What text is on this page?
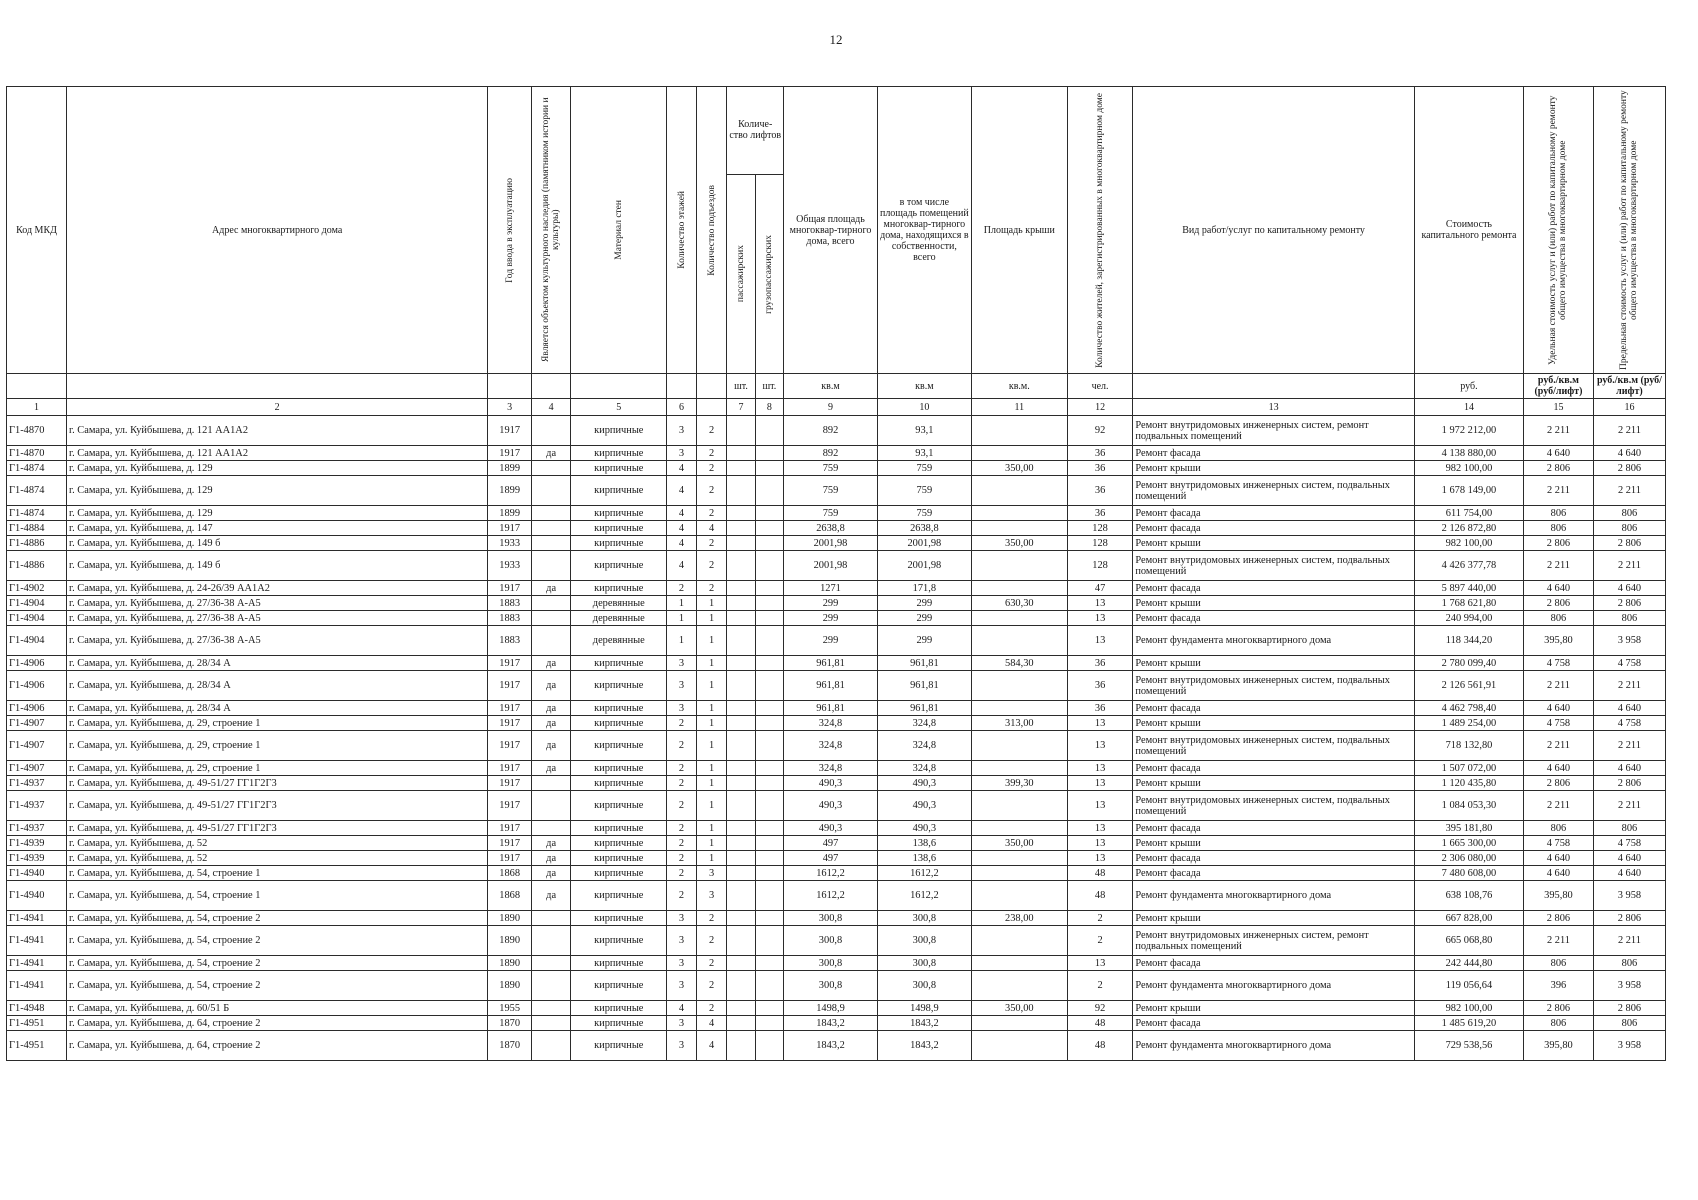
12
Код МКД	Адрес многоквартирного дома	Год ввода в эксплуатацию	Является объектом культурного наследия (памятником истории и культуры)	Материал стен	Количество этажей	Количество подъездов	Количе-ство лифтов		Общая площадь многоквар-тирного дома, всего	в том числе площадь помещений многоквар-тирного дома, находящихся в собственности, всего	Площадь крыши	Количество жителей, зарегистрированных в многоквартирном доме	Вид работ/услуг по капитальному ремонту	Стоимость капитального ремонта	Удельная стоимость услуг и (или) работ по капитальному ремонту общего имущества в многоквартирном доме	Предельная стоимость услуг и (или) работ по капитальному ремонту общего имущества в многоквартирном доме

							пассажирских	грузопассажирских								

							шт.	шт.	кв.м	кв.м	кв.м.	чел.		руб.	руб./кв.м (руб/лифт)	руб./кв.м (руб/лифт)
1	2	3	4	5	6		7	8	9	10	11	12	13	14	15	16
Г1-4870	г. Самара, ул. Куйбышева, д. 121 АА1А2	1917		кирпичные	3	2			892	93,1		92	Ремонт внутридомовых инженерных систем, ремонт подвальных помещений	1 972 212,00	2 211	2 211
Г1-4870	г. Самара, ул. Куйбышева, д. 121 АА1А2	1917	да	кирпичные	3	2			892	93,1		36	Ремонт фасада	4 138 880,00	4 640	4 640
Г1-4874	г. Самара, ул. Куйбышева, д. 129	1899		кирпичные	4	2			759	759	350,00	36	Ремонт крыши	982 100,00	2 806	2 806
Г1-4874	г. Самара, ул. Куйбышева, д. 129	1899		кирпичные	4	2			759	759		36	Ремонт внутридомовых инженерных систем, подвальных помещений	1 678 149,00	2 211	2 211
Г1-4874	г. Самара, ул. Куйбышева, д. 129	1899		кирпичные	4	2			759	759		36	Ремонт фасада	611 754,00	806	806
Г1-4884	г. Самара, ул. Куйбышева, д. 147	1917		кирпичные	4	4			2638,8	2638,8		128	Ремонт фасада	2 126 872,80	806	806
Г1-4886	г. Самара, ул. Куйбышева, д. 149 б	1933		кирпичные	4	2			2001,98	2001,98	350,00	128	Ремонт крыши	982 100,00	2 806	2 806
Г1-4886	г. Самара, ул. Куйбышева, д. 149 б	1933		кирпичные	4	2			2001,98	2001,98		128	Ремонт внутридомовых инженерных систем, подвальных помещений	4 426 377,78	2 211	2 211
Г1-4902	г. Самара, ул. Куйбышева, д. 24-26/39 АА1А2	1917	да	кирпичные	2	2			1271	171,8		47	Ремонт фасада	5 897 440,00	4 640	4 640
Г1-4904	г. Самара, ул. Куйбышева, д. 27/36-38 А-А5	1883		деревянные	1	1			299	299	630,30	13	Ремонт крыши	1 768 621,80	2 806	2 806
Г1-4904	г. Самара, ул. Куйбышева, д. 27/36-38 А-А5	1883		деревянные	1	1			299	299		13	Ремонт фасада	240 994,00	806	806
Г1-4904	г. Самара, ул. Куйбышева, д. 27/36-38 А-А5	1883		деревянные	1	1			299	299		13	Ремонт фундамента многоквартирного дома	118 344,20	395,80	3 958
Г1-4906	г. Самара, ул. Куйбышева, д. 28/34 А	1917	да	кирпичные	3	1			961,81	961,81	584,30	36	Ремонт крыши	2 780 099,40	4 758	4 758
Г1-4906	г. Самара, ул. Куйбышева, д. 28/34 А	1917	да	кирпичные	3	1			961,81	961,81		36	Ремонт внутридомовых инженерных систем, подвальных помещений	2 126 561,91	2 211	2 211
Г1-4906	г. Самара, ул. Куйбышева, д. 28/34 А	1917	да	кирпичные	3	1			961,81	961,81		36	Ремонт фасада	4 462 798,40	4 640	4 640
Г1-4907	г. Самара, ул. Куйбышева, д. 29, строение 1	1917	да	кирпичные	2	1			324,8	324,8	313,00	13	Ремонт крыши	1 489 254,00	4 758	4 758
Г1-4907	г. Самара, ул. Куйбышева, д. 29, строение 1	1917	да	кирпичные	2	1			324,8	324,8		13	Ремонт внутридомовых инженерных систем, подвальных помещений	718 132,80	2 211	2 211
Г1-4907	г. Самара, ул. Куйбышева, д. 29, строение 1	1917	да	кирпичные	2	1			324,8	324,8		13	Ремонт фасада	1 507 072,00	4 640	4 640
Г1-4937	г. Самара, ул. Куйбышева, д. 49-51/27 ГГ1Г2Г3	1917		кирпичные	2	1			490,3	490,3	399,30	13	Ремонт крыши	1 120 435,80	2 806	2 806
Г1-4937	г. Самара, ул. Куйбышева, д. 49-51/27 ГГ1Г2Г3	1917		кирпичные	2	1			490,3	490,3		13	Ремонт внутридомовых инженерных систем, подвальных помещений	1 084 053,30	2 211	2 211
Г1-4937	г. Самара, ул. Куйбышева, д. 49-51/27 ГГ1Г2Г3	1917		кирпичные	2	1			490,3	490,3		13	Ремонт фасада	395 181,80	806	806
Г1-4939	г. Самара, ул. Куйбышева, д. 52	1917	да	кирпичные	2	1			497	138,6	350,00	13	Ремонт крыши	1 665 300,00	4 758	4 758
Г1-4939	г. Самара, ул. Куйбышева, д. 52	1917	да	кирпичные	2	1			497	138,6		13	Ремонт фасада	2 306 080,00	4 640	4 640
Г1-4940	г. Самара, ул. Куйбышева, д. 54, строение 1	1868	да	кирпичные	2	3			1612,2	1612,2		48	Ремонт фасада	7 480 608,00	4 640	4 640
Г1-4940	г. Самара, ул. Куйбышева, д. 54, строение 1	1868	да	кирпичные	2	3			1612,2	1612,2		48	Ремонт фундамента многоквартирного дома	638 108,76	395,80	3 958
Г1-4941	г. Самара, ул. Куйбышева, д. 54, строение 2	1890		кирпичные	3	2			300,8	300,8	238,00	2	Ремонт крыши	667 828,00	2 806	2 806
Г1-4941	г. Самара, ул. Куйбышева, д. 54, строение 2	1890		кирпичные	3	2			300,8	300,8		2	Ремонт внутридомовых инженерных систем, ремонт подвальных помещений	665 068,80	2 211	2 211
Г1-4941	г. Самара, ул. Куйбышева, д. 54, строение 2	1890		кирпичные	3	2			300,8	300,8		13	Ремонт фасада	242 444,80	806	806
Г1-4941	г. Самара, ул. Куйбышева, д. 54, строение 2	1890		кирпичные	3	2			300,8	300,8		2	Ремонт фундамента многоквартирного дома	119 056,64	396	3 958
Г1-4948	г. Самара, ул. Куйбышева, д. 60/51 Б	1955		кирпичные	4	2			1498,9	1498,9	350,00	92	Ремонт крыши	982 100,00	2 806	2 806
Г1-4951	г. Самара, ул. Куйбышева, д. 64, строение 2	1870		кирпичные	3	4			1843,2	1843,2		48	Ремонт фасада	1 485 619,20	806	806
Г1-4951	г. Самара, ул. Куйбышева, д. 64, строение 2	1870		кирпичные	3	4			1843,2	1843,2		48	Ремонт фундамента многоквартирного дома	729 538,56	395,80	3 958
